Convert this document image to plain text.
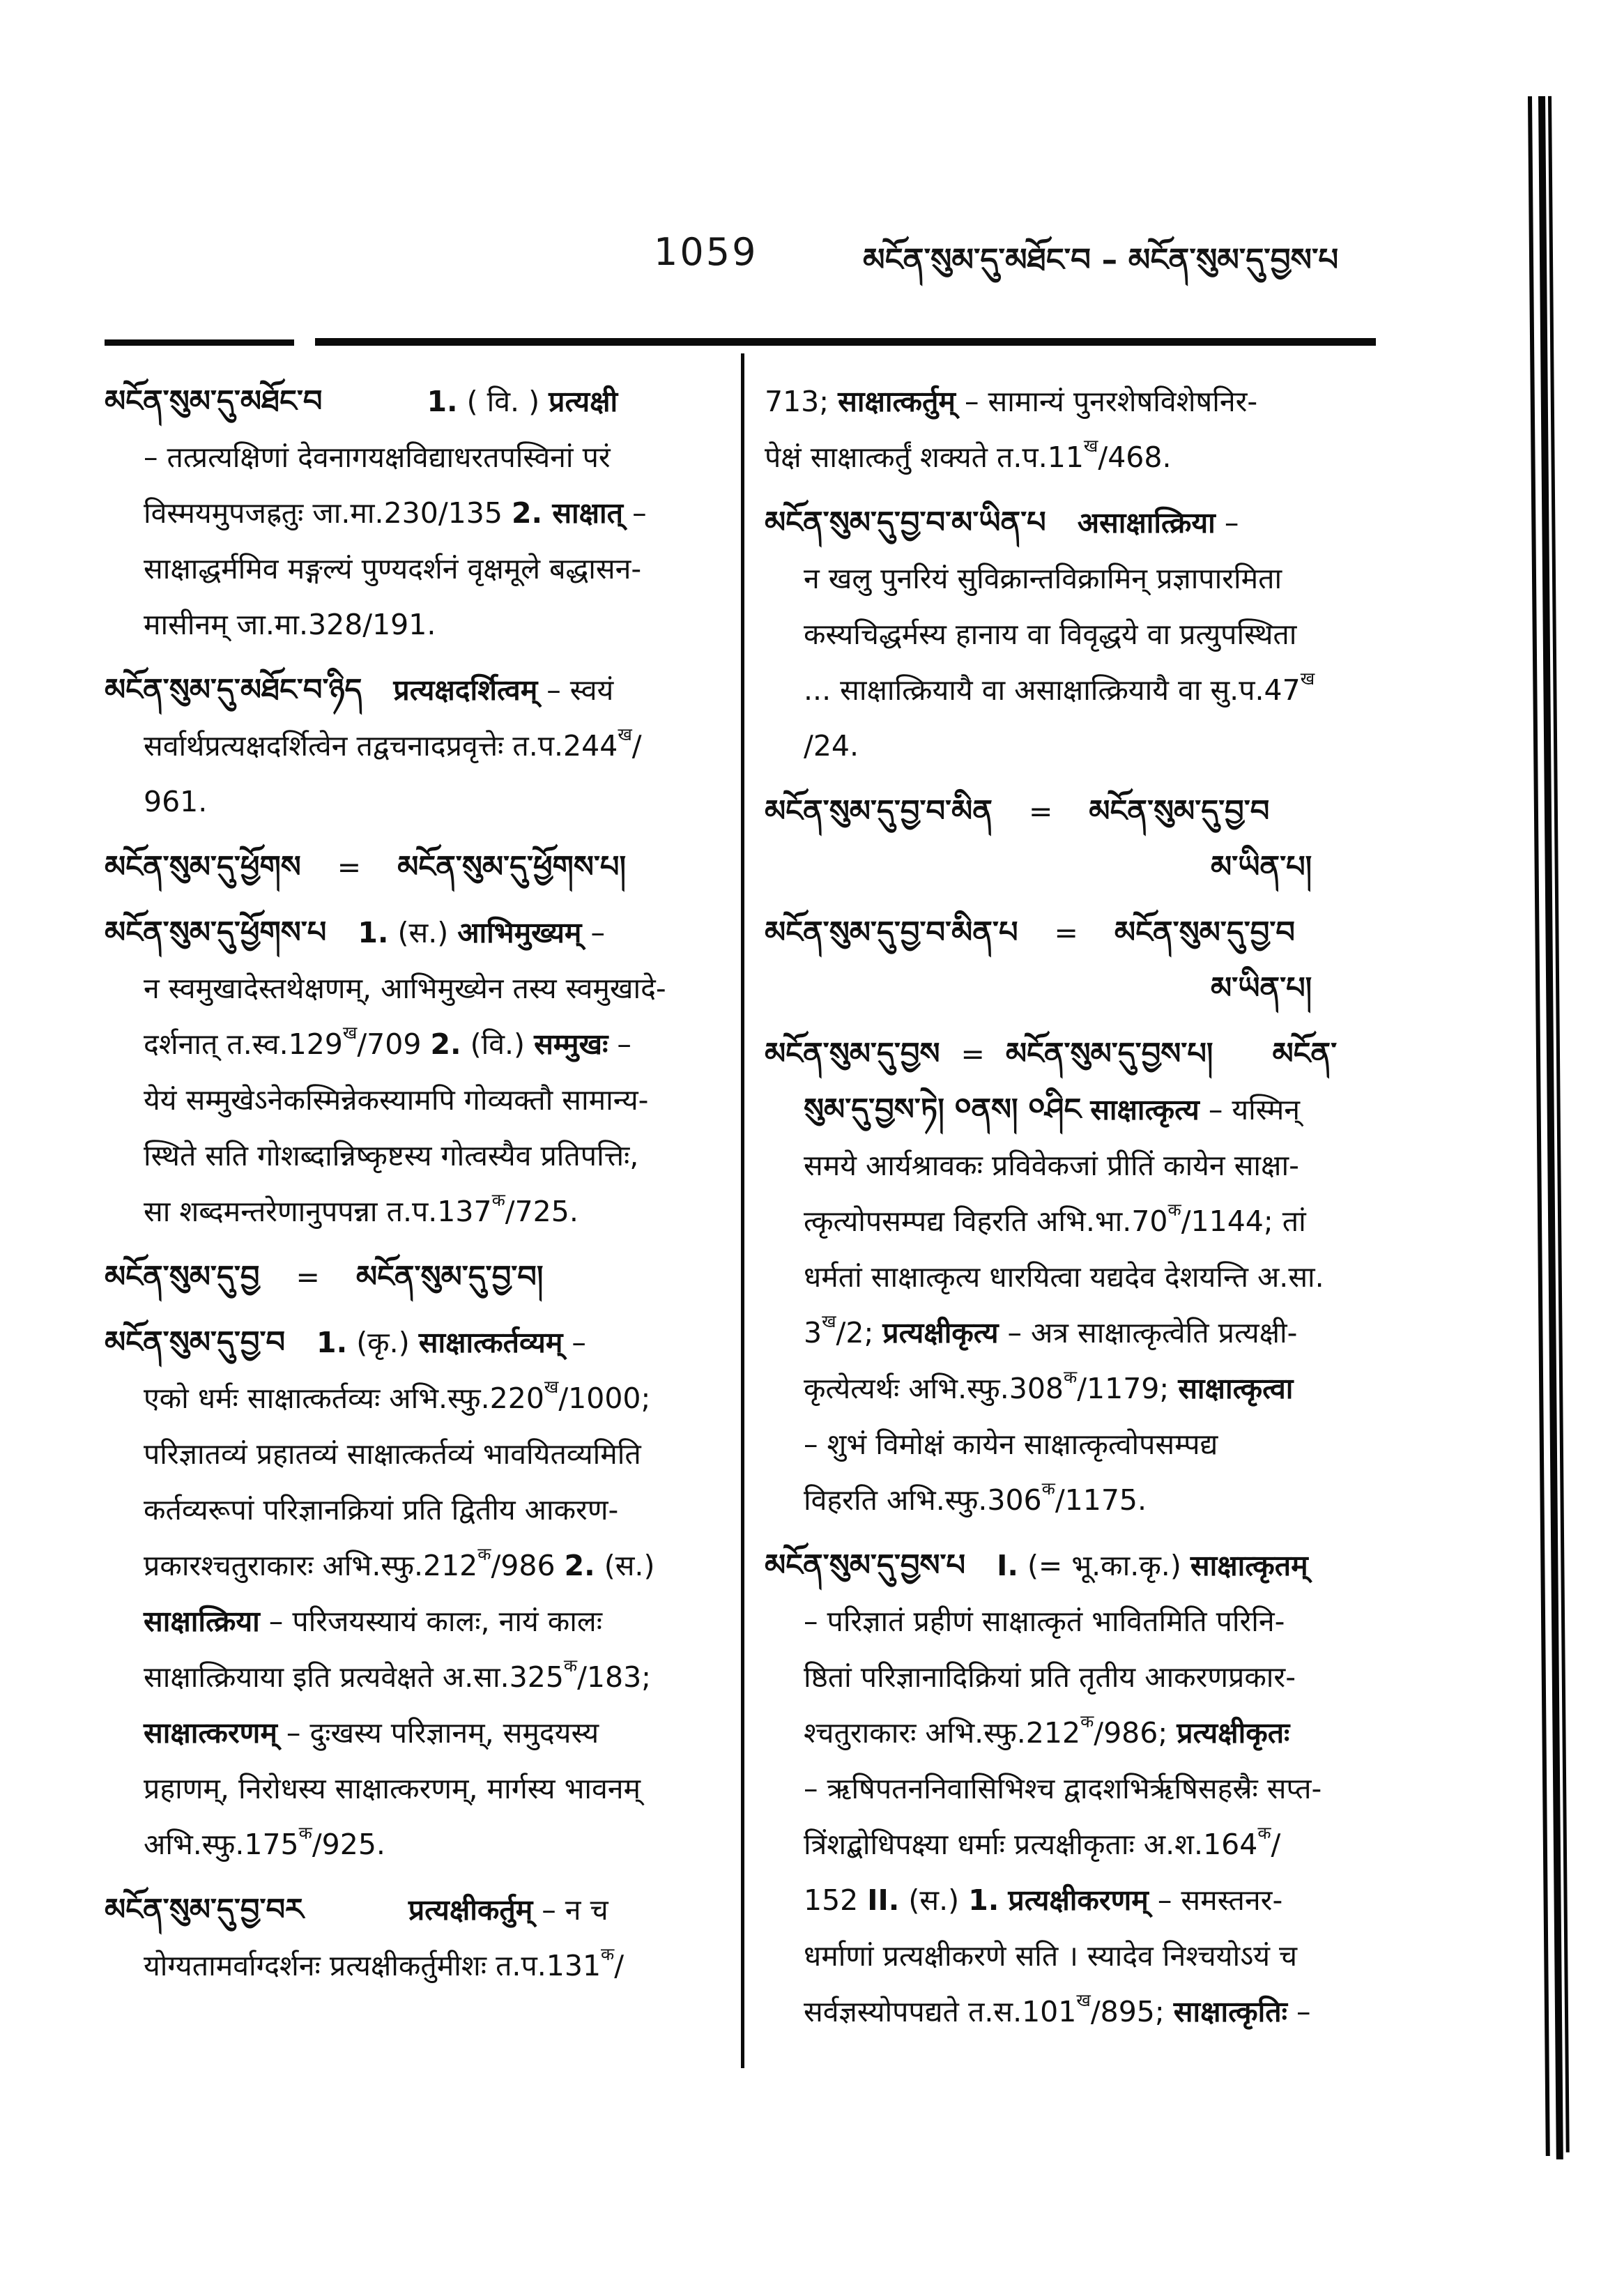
1059	མངོན་སུམ་དུ་མཐོང་བ – མངོན་སུམ་དུ་བྱས་པ
མངོན་སུམ་དུ་མཐོང་བ	1. ( वि. ) प्रत्यक्षी
– तत्प्रत्यक्षिणां देवनागयक्षविद्याधरतपस्विनां परं
विस्मयमुपजह्रतुः जा.मा.230/135 2. साक्षात् –
साक्षाद्धर्ममिव मङ्गल्यं पुण्यदर्शनं वृक्षमूले बद्धासन-
मासीनम् जा.मा.328/191.
མངོན་སུམ་དུ་མཐོང་བ་ཉིད प्रत्यक्षदर्शित्वम् – स्वयं
सर्वार्थप्रत्यक्षदर्शित्वेन तद्वचनादप्रवृत्तेः $त.प.244^ख/$
961.
མངོན་སུམ་དུ་ཕྱོགས = མངོན་སུམ་དུ་ཕྱོགས་པ།
མངོན་སུམ་དུ་ཕྱོགས་པ 1. (स.) आभिमुख्यम् –
न स्वमुखादेस्तथेक्षणम्, आभिमुख्येन तस्य स्वमुखादे-
दर्शनात् $त.स्व.129^ख/709$ 2. (वि.) सम्मुखः –
येयं सम्मुखेऽनेकस्मिन्नेकस्यामपि गोव्यक्तौ सामान्य-
स्थिते सति गोशब्दान्निष्कृष्टस्य गोत्वस्यैव प्रतिपत्तिः,
सा शब्दमन्तरेणानुपपन्ना $त.प.137^क/725$.
མངོན་སུམ་དུ་བྱ = མངོན་སུམ་དུ་བྱ་བ།
མངོན་སུམ་དུ་བྱ་བ 1. (कृ.) साक्षात्कर्तव्यम् –
एको धर्मः साक्षात्कर्तव्यः $अभि.स्फु.220^ख/1000$;
परिज्ञातव्यं प्रहातव्यं साक्षात्कर्तव्यं भावयितव्यमिति
कर्तव्यरूपां परिज्ञानक्रियां प्रति द्वितीय आकरण-
प्रकारश्चतुराकारः $अभि.स्फु.212^क/986$ 2. (स.)
साक्षात्क्रिया – परिजयस्यायं कालः, नायं कालः
साक्षात्क्रियाया इति प्रत्यवेक्षते $अ.सा.325^क/183$;
साक्षात्करणम् – दुःखस्य परिज्ञानम्, समुदयस्य
प्रहाणम्, निरोधस्य साक्षात्करणम्, मार्गस्य भावनम्
$अभि.स्फु.175^क/925$.
མངོན་སུམ་དུ་བྱ་བར	प्रत्यक्षीकर्तुम् – न च
योग्यतामर्वाग्दर्शनः प्रत्यक्षीकर्तुमीशः $त.प.131^क/$
713; साक्षात्कर्तुम् – सामान्यं पुनरशेषविशेषनिर-
पेक्षं साक्षात्कर्तुं शक्यते $त.प.11^ख/468$.
མངོན་སུམ་དུ་བྱ་བ་མ་ཡིན་པ असाक्षात्क्रिया –
न खलु पुनरियं सुविक्रान्तविक्रामिन् प्रज्ञापारमिता
कस्यचिद्धर्मस्य हानाय वा विवृद्धये वा प्रत्युपस्थिता
... साक्षात्क्रियायै वा असाक्षात्क्रियायै वा $सु.प.47^ख$
/24.
མངོན་སུམ་དུ་བྱ་བ་མིན = མངོན་སུམ་དུ་བྱ་བ
མ་ཡིན་པ།
མངོན་སུམ་དུ་བྱ་བ་མིན་པ = མངོན་སུམ་དུ་བྱ་བ
མ་ཡིན་པ།
མངོན་སུམ་དུ་བྱས = མངོན་སུམ་དུ་བྱས་པ། མངོན་
སུམ་དུ་བྱས་ཏེ། ༠ནས། ༠ཤིང साक्षात्कृत्य – यस्मिन्
समये आर्यश्रावकः प्रविवेकजां प्रीतिं कायेन साक्षा-
त्कृत्योपसम्पद्य विहरति $अभि.भा.70^क/1144$; तां
धर्मतां साक्षात्कृत्य धारयित्वा यद्यदेव देशयन्ति अ.सा.
$3^ख/2$; प्रत्यक्षीकृत्य – अत्र साक्षात्कृत्वेति प्रत्यक्षी-
कृत्येत्यर्थः $अभि.स्फु.308^क/1179$; साक्षात्कृत्वा
– शुभं विमोक्षं कायेन साक्षात्कृत्वोपसम्पद्य
विहरति $अभि.स्फु.306^क/1175$.
མངོན་སུམ་དུ་བྱས་པ I. (= भू.का.कृ.) साक्षात्कृतम्
– परिज्ञातं प्रहीणं साक्षात्कृतं भावितमिति परिनि-
ष्ठितां परिज्ञानादिक्रियां प्रति तृतीय आकरणप्रकार-
श्चतुराकारः $अभि.स्फु.212^क/986$; प्रत्यक्षीकृतः
– ऋषिपतननिवासिभिश्च द्वादशभिर्ऋषिसहस्रैः सप्त-
त्रिंशद्बोधिपक्ष्या धर्माः प्रत्यक्षीकृताः $अ.श.164^क/$
152 II. (स.) 1. प्रत्यक्षीकरणम् – समस्तनर-
धर्माणां प्रत्यक्षीकरणे सति । स्यादेव निश्चयोऽयं च
सर्वज्ञस्योपपद्यते $त.स.101^ख/895$; साक्षात्कृतिः –
